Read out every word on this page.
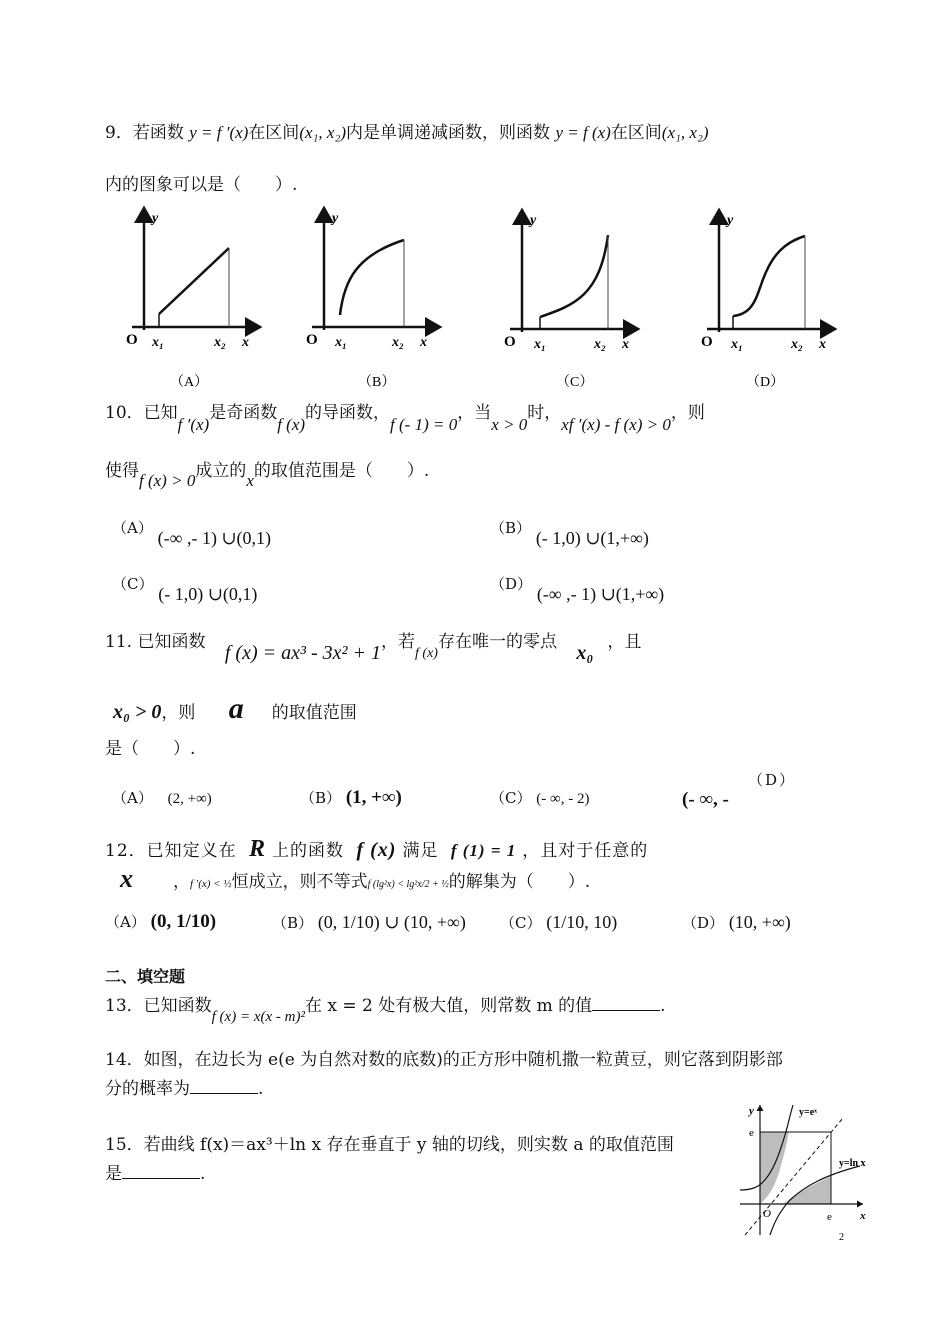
9．若函数 y = f ′(x)在区间(x₁, x₂)内是单调递减函数，则函数 y = f (x)在区间(x₁, x₂)
内的图象可以是（　　）.
y
O x₁	x₂ x
y
O x₁	x₂ x
y
O x₁	x₂ x
y
O x₁	x₂ x
（A）	（B）	（C）	（D）
10．已知f ′(x)是奇函数f (x)的导函数，f (- 1) = 0，当x > 0时，xf ′(x) - f (x) > 0，则
使得f (x) > 0成立的x的取值范围是（　　）.
（A） (-∞ ,- 1) ∪(0,1)	（B） (- 1,0) ∪(1,+∞)
（C） (- 1,0) ∪(0,1)	（D） (-∞ ,- 1) ∪(1,+∞)
11. 已知函数 f (x) = ax³ - 3x² + 1，若$_{f (x)}$存在唯一的零点 x₀ ，且
x₀ > 0，则 a 的取值范围
是（　　）.
（A） (2, +∞)	（B） (1, +∞)	（C） (- ∞, - 2)
（D）
(- ∞, -
12．已知定义在 R 上的函数 f (x) 满足 f (1) = 1 ，且对于任意的
x ，f ′(x) < ½恒成立，则不等式f (lg²x) < lg²x/2 + ½的解集为（　　）.
（A） (0, 1/10)	（B） (0, 1/10) ∪ (10, +∞) （C） (1/10, 10)	（D） (10, +∞)
二、填空题
13．已知函数f (x) = x(x - m)²在 x = 2 处有极大值，则常数 m 的值	.
14．如图，在边长为 e(e 为自然对数的底数)的正方形中随机撒一粒黄豆，则它落到阴影部
分的概率为	.
15．若曲线 f(x)＝ax³＋ln x 存在垂直于 y 轴的切线，则实数 a 的取值范围
是	.
y
x
O
e
e
y=eˣ
y=ln x
2
